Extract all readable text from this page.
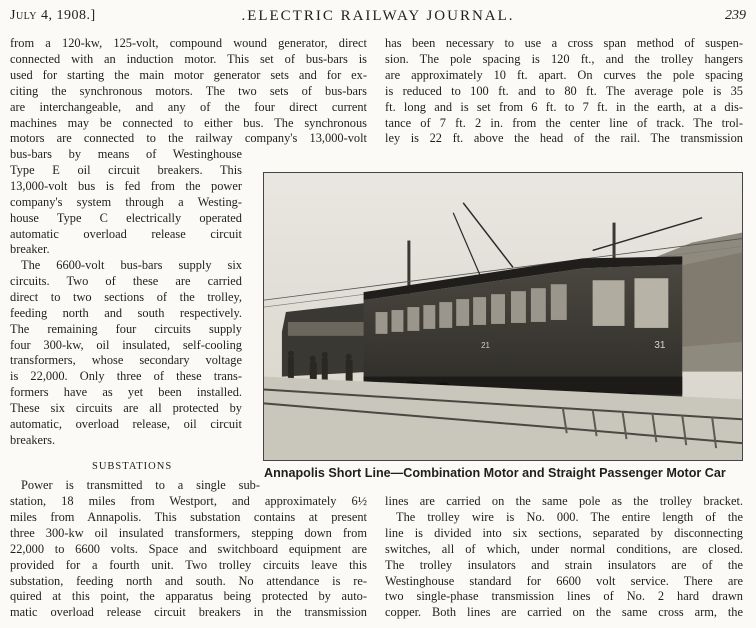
July 4, 1908.]	.ELECTRIC RAILWAY JOURNAL.	239
from a 120-kw, 125-volt, compound wound generator, direct
connected with an induction motor. This set of bus-bars is
used for starting the main motor generator sets and for ex-
citing the synchronous motors. The two sets of bus-bars
are interchangeable, and any of the four direct current
machines may be connected to either bus. The synchronous
motors are connected to the railway company's 13,000-volt
bus-bars by means of Westinghouse
Type E oil circuit breakers. This
13,000-volt bus is fed from the power
company's system through a Westing-
house Type C electrically operated
automatic overload release circuit
breaker.
The 6600-volt bus-bars supply six
circuits. Two of these are carried
direct to two sections of the trolley,
feeding north and south respectively.
The remaining four circuits supply
four 300-kw, oil insulated, self-cooling
transformers, whose secondary voltage
is 22,000. Only three of these trans-
formers have as yet been installed.
These six circuits are all protected by
automatic, overload release, oil circuit
breakers.
SUBSTATIONS
Power is transmitted to a single sub-
station, 18 miles from Westport, and approximately 6½
miles from Annapolis. This substation contains at present
three 300-kw oil insulated transformers, stepping down from
22,000 to 6600 volts. Space and switchboard equipment are
provided for a fourth unit. Two trolley circuits leave this
substation, feeding north and south. No attendance is re-
quired at this point, the apparatus being protected by auto-
matic overload release circuit breakers in the transmission
has been necessary to use a cross span method of suspen-
sion. The pole spacing is 120 ft., and the trolley hangers
are approximately 10 ft. apart. On curves the pole spacing
is reduced to 100 ft. and to 80 ft. The average pole is 35
ft. long and is set from 6 ft. to 7 ft. in the earth, at a dis-
tance of 7 ft. 2 in. from the center line of track. The trol-
ley is 22 ft. above the head of the rail. The transmission
31
21
Annapolis Short Line—Combination Motor and Straight Passenger Motor Car
lines are carried on the same pole as the trolley bracket.
The trolley wire is No. 000. The entire length of the
line is divided into six sections, separated by disconnecting
switches, all of which, under normal conditions, are closed.
The trolley insulators and strain insulators are of the
Westinghouse standard for 6600 volt service. There are
two single-phase transmission lines of No. 2 hard drawn
copper. Both lines are carried on the same cross arm, the
